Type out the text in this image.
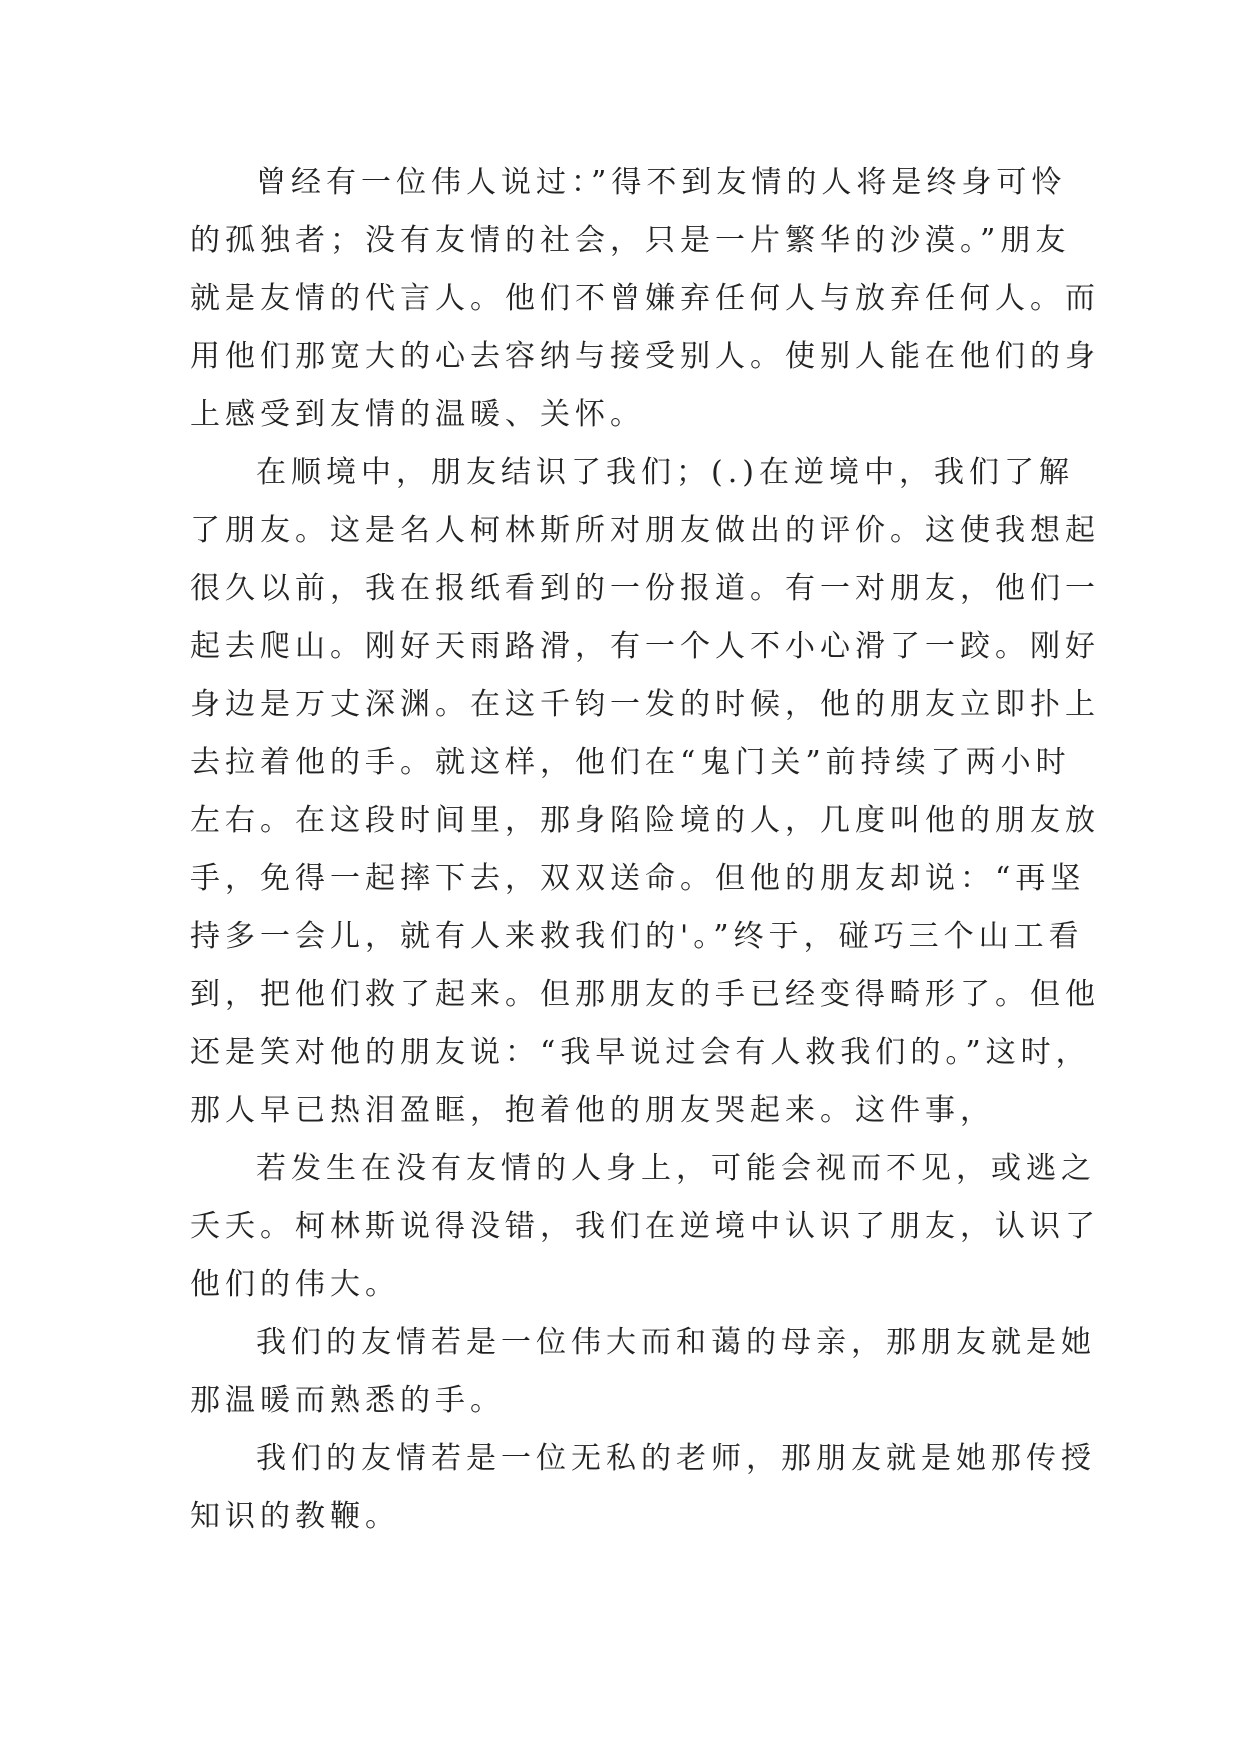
曾经有一位伟人说过：”得不到友情的人将是终身可怜
的孤独者；没有友情的社会，只是一片繁华的沙漠。”朋友
就是友情的代言人。他们不曾嫌弃任何人与放弃任何人。而
用他们那宽大的心去容纳与接受别人。使别人能在他们的身
上感受到友情的温暖、关怀。
在顺境中，朋友结识了我们；(.)在逆境中，我们了解
了朋友。这是名人柯林斯所对朋友做出的评价。这使我想起
很久以前，我在报纸看到的一份报道。有一对朋友，他们一
起去爬山。刚好天雨路滑，有一个人不小心滑了一跤。刚好
身边是万丈深渊。在这千钧一发的时候，他的朋友立即扑上
去拉着他的手。就这样，他们在“鬼门关”前持续了两小时
左右。在这段时间里，那身陷险境的人，几度叫他的朋友放
手，免得一起摔下去，双双送命。但他的朋友却说：“再坚
持多一会儿，就有人来救我们的'。”终于，碰巧三个山工看
到，把他们救了起来。但那朋友的手已经变得畸形了。但他
还是笑对他的朋友说：“我早说过会有人救我们的。”这时，
那人早已热泪盈眶，抱着他的朋友哭起来。这件事，
若发生在没有友情的人身上，可能会视而不见，或逃之
夭夭。柯林斯说得没错，我们在逆境中认识了朋友，认识了
他们的伟大。
我们的友情若是一位伟大而和蔼的母亲，那朋友就是她
那温暖而熟悉的手。
我们的友情若是一位无私的老师，那朋友就是她那传授
知识的教鞭。
